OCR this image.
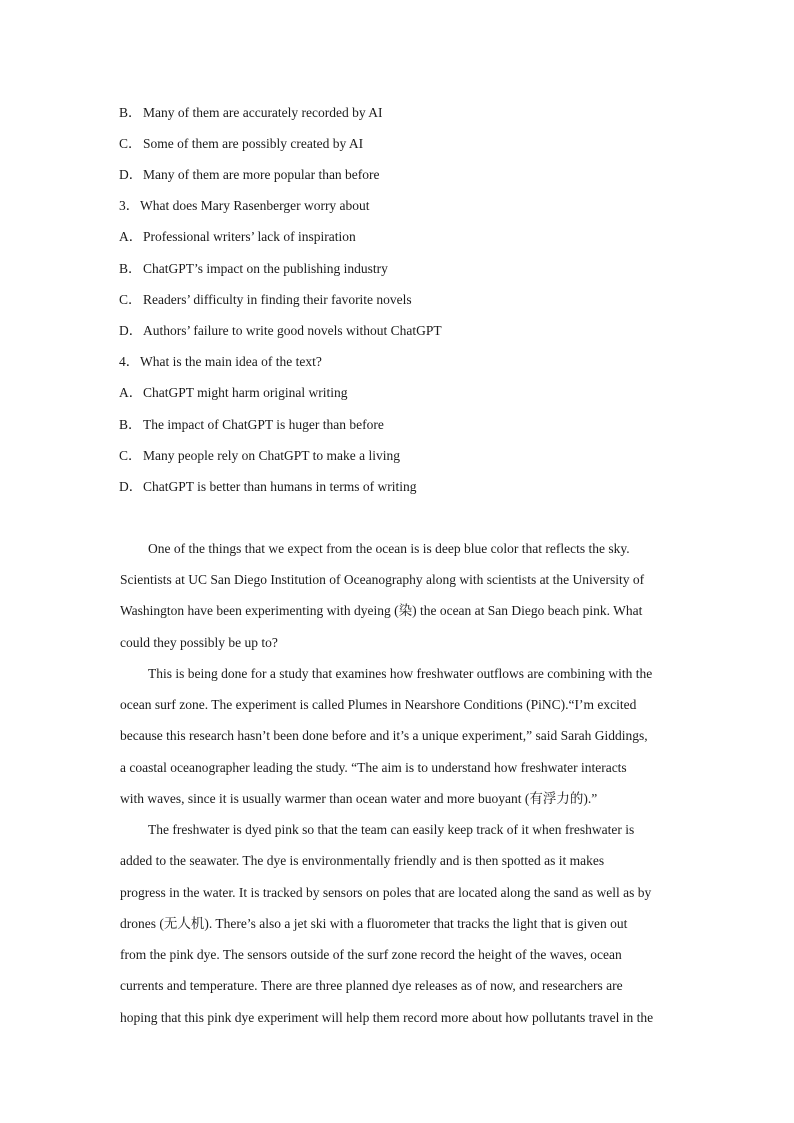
B．Many of them are accurately recorded by AI
C．Some of them are possibly created by AI
D．Many of them are more popular than before
3．What does Mary Rasenberger worry about
A．Professional writers’ lack of inspiration
B．ChatGPT’s impact on the publishing industry
C．Readers’ difficulty in finding their favorite novels
D．Authors’ failure to write good novels without ChatGPT
4．What is the main idea of the text?
A．ChatGPT might harm original writing
B．The impact of ChatGPT is huger than before
C．Many people rely on ChatGPT to make a living
D．ChatGPT is better than humans in terms of writing
One of the things that we expect from the ocean is is deep blue color that reflects the sky.
Scientists at UC San Diego Institution of Oceanography along with scientists at the University of
Washington have been experimenting with dyeing (染) the ocean at San Diego beach pink. What
could they possibly be up to?
This is being done for a study that examines how freshwater outflows are combining with the
ocean surf zone. The experiment is called Plumes in Nearshore Conditions (PiNC).“I’m excited
because this research hasn’t been done before and it’s a unique experiment,” said Sarah Giddings,
a coastal oceanographer leading the study. “The aim is to understand how freshwater interacts
with waves, since it is usually warmer than ocean water and more buoyant (有浮力的).”
The freshwater is dyed pink so that the team can easily keep track of it when freshwater is
added to the seawater. The dye is environmentally friendly and is then spotted as it makes
progress in the water. It is tracked by sensors on poles that are located along the sand as well as by
drones (无人机). There’s also a jet ski with a fluorometer that tracks the light that is given out
from the pink dye. The sensors outside of the surf zone record the height of the waves, ocean
currents and temperature. There are three planned dye releases as of now, and researchers are
hoping that this pink dye experiment will help them record more about how pollutants travel in the
